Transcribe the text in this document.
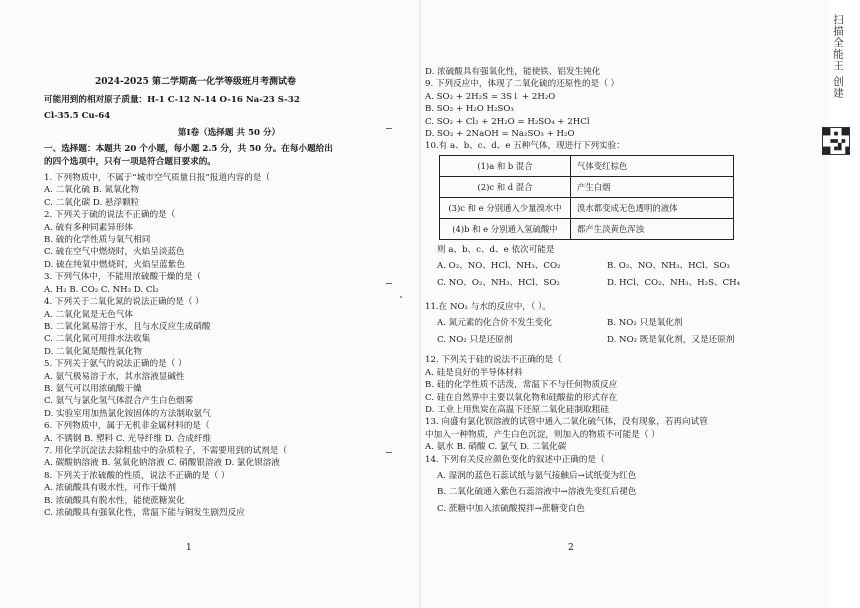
2024-2025 第二学期高一化学等级班月考测试卷
可能用到的相对原子质量：H-1 C-12 N-14 O-16 Na-23 S-32
Cl-35.5 Cu-64
第Ⅰ卷（选择题 共 50 分）
一、选择题：本题共 20 个小题，每小题 2.5 分，共 50 分。在每小题给出
的四个选项中，只有一项是符合题目要求的。
1. 下列物质中，不属于“城市空气质量日报”报道内容的是（
A. 二氧化硫 B. 氮氧化物
C. 二氧化碳 D. 悬浮颗粒
2. 下列关于硫的说法不正确的是（
A. 硫有多种同素异形体
B. 硫的化学性质与氧气相同
C. 硫在空气中燃烧时，火焰呈淡蓝色
D. 硫在纯氧中燃烧时，火焰呈蓝紫色
3. 下列气体中，不能用浓硫酸干燥的是（
A. H₂ B. CO₂ C. NH₃ D. Cl₂
4. 下列关于二氧化氮的说法正确的是（ ）
A. 二氧化氮是无色气体
B. 二氧化氮易溶于水，且与水反应生成硝酸
C. 二氧化氮可用排水法收集
D. 二氧化氮是酸性氧化物
5. 下列关于氨气的说法正确的是（ ）
A. 氨气极易溶于水，其水溶液显碱性
B. 氨气可以用浓硫酸干燥
C. 氨气与氯化氢气体混合产生白色烟雾
D. 实验室用加热氯化铵固体的方法制取氨气
6. 下列物质中，属于无机非金属材料的是（
A. 不锈钢 B. 塑料 C. 光导纤维 D. 合成纤维
7. 用化学沉淀法去除粗盐中的杂质粒子，不需要用到的试剂是（
A. 碳酸钠溶液 B. 氢氧化钠溶液 C. 硝酸银溶液 D. 氯化钡溶液
8. 下列关于浓硫酸的性质，说法不正确的是（ ）
A. 浓硫酸具有吸水性，可作干燥剂
B. 浓硫酸具有脱水性，能使蔗糖炭化
C. 浓硫酸具有强氧化性，常温下能与铜发生剧烈反应
1
D. 浓硫酸具有强氧化性，能使铁、铝发生钝化
9. 下列反应中，体现了二氧化硫的还原性的是（ ）
A. SO₂ + 2H₂S = 3S↓ + 2H₂O
B. SO₂ + H₂O H₂SO₃
C. SO₂ + Cl₂ + 2H₂O = H₂SO₄ + 2HCl
D. SO₂ + 2NaOH = Na₂SO₃ + H₂O
10.有 a、b、c、d、e 五种气体，现进行下列实验：
(1)a 和 b 混合	气体变红棕色
(2)c 和 d 混合	产生白烟
(3)c 和 e 分别通入少量溴水中	溴水都变成无色透明的液体
(4)b 和 e 分别通入氢硫酸中	都产生淡黄色浑浊
则 a、b、c、d、e 依次可能是
A. O₂、NO、HCl、NH₃、CO₂	B. O₂、NO、NH₃、HCl、SO₃
C. NO、O₂、NH₃、HCl、SO₂	D. HCl、CO₂、NH₃、H₂S、CH₄
11.在 NO₂ 与水的反应中，（ ）。
A. 氮元素的化合价不发生变化	B. NO₂ 只是氧化剂
C. NO₂ 只是还原剂	D. NO₂ 既是氧化剂，又是还原剂
12. 下列关于硅的说法不正确的是（
A. 硅是良好的半导体材料
B. 硅的化学性质不活泼，常温下不与任何物质反应
C. 硅在自然界中主要以氧化物和硅酸盐的形式存在
D. 工业上用焦炭在高温下还原二氧化硅制取粗硅
13. 向盛有氯化钡溶液的试管中通入二氧化硫气体，没有现象，若再向试管
中加入一种物质，产生白色沉淀，则加入的物质不可能是（ ）
A. 氨水 B. 硝酸 C. 氯气 D. 二氧化碳
14. 下列有关反应颜色变化的叙述中正确的是（
A. 湿润的蓝色石蕊试纸与氨气接触后→试纸变为红色
B. 二氧化硫通入紫色石蕊溶液中→溶液先变红后褪色
C. 蔗糖中加入浓硫酸搅拌→蔗糖变白色
2
扫描全能王 创建
